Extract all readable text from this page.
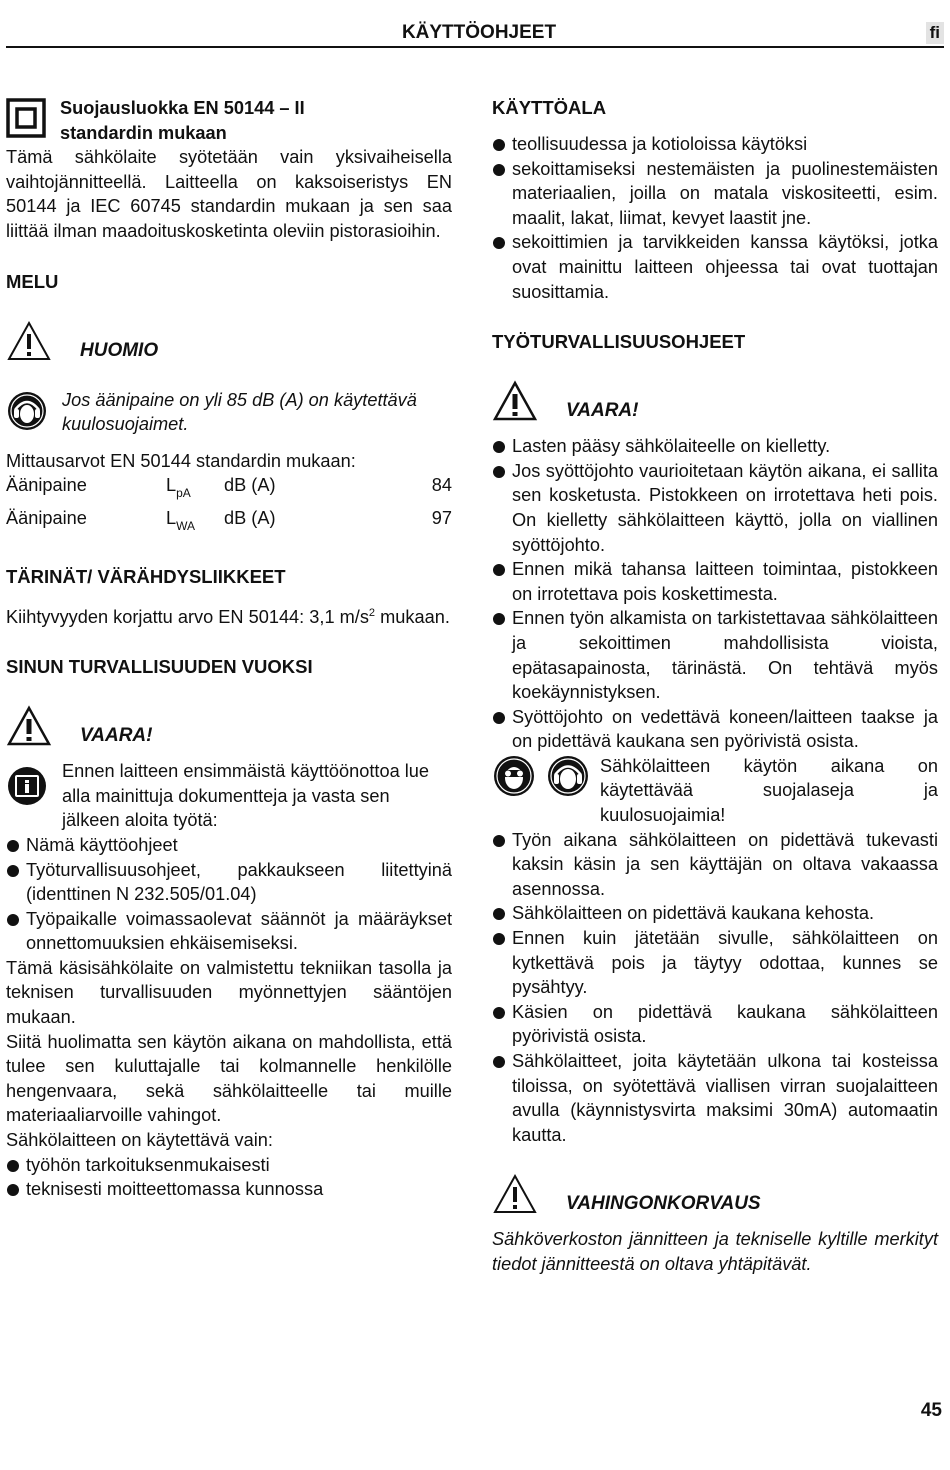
KÄYTTÖOHJEET	fi

Suojausluokka EN 50144 – II

standardin mukaan

Tämä sähkölaite syötetään vain yksivaiheisella vaihtojännitteellä. Laitteella on kaksoiseristys EN 50144 ja IEC 60745 standardin mukaan ja sen saa liittää ilman maadoituskosketinta oleviin pistorasioihin.

MELU
HUOMIO

Jos äänipaine on yli 85 dB (A) on käytettävä kuulosuojaimet.

Mittausarvot EN 50144 standardin mukaan:

Äänipaine	$L_{pA}$	dB (A)	84
Äänipaine	$L_{WA}$	dB (A)	97
TÄRINÄT/ VÄRÄHDYSLIIKKEET

Kiihtyvyyden korjattu arvo EN 50144: 3,1 $m/s^2$ mukaan.

SINUN TURVALLISUUDEN VUOKSI
VAARA!

Ennen laitteen ensimmäistä käyttöönottoa lue alla mainittuja dokumentteja ja vasta sen jälkeen aloita työtä:

Nämä käyttöohjeet

Työturvallisuusohjeet, pakkaukseen liitettyinä (identtinen N 232.505/01.04)

Työpaikalle voimassaolevat säännöt ja määräykset onnettomuuksien ehkäisemiseksi.

Tämä käsisähkölaite on valmistettu tekniikan tasolla ja teknisen turvallisuuden myönnettyjen sääntöjen mukaan.

Siitä huolimatta sen käytön aikana on mahdollista, että tulee sen kuluttajalle tai kolmannelle henkilölle hengenvaara, sekä sähkölaitteelle tai muille materiaaliarvoille vahingot.

Sähkölaitteen on käytettävä vain:

työhön tarkoituksenmukaisesti

teknisesti moitteettomassa kunnossa

KÄYTTÖALA

teollisuudessa ja kotioloissa käytöksi

sekoittamiseksi nestemäisten ja puolinestemäisten materiaalien, joilla on matala viskositeetti, esim. maalit, lakat, liimat, kevyet laastit jne.

sekoittimien ja tarvikkeiden kanssa käytöksi, jotka ovat mainittu laitteen ohjeessa tai ovat tuottajan suosittamia.

TYÖTURVALLISUUSOHJEET
VAARA!

Lasten pääsy sähkölaiteelle on kielletty.

Jos syöttöjohto vaurioitetaan käytön aikana, ei sallita sen kosketusta. Pistokkeen on irrotettava heti pois. On kielletty sähkölaitteen käyttö, jolla on viallinen syöttöjohto.

Ennen mikä tahansa laitteen toimintaa, pistokkeen on irrotettava pois koskettimesta.

Ennen työn alkamista on tarkistettavaa sähkölaitteen ja sekoittimen mahdollisista vioista, epätasapainosta, tärinästä. On tehtävä myös koekäynnistyksen.

Syöttöjohto on vedettävä koneen/laitteen taakse ja on pidettävä kaukana sen pyörivistä osista.

Sähkölaitteen käytön aikana on käytettävää suojalaseja ja kuulosuojaimia!

Työn aikana sähkölaitteen on pidettävä tukevasti kaksin käsin ja sen käyttäjän on oltava vakaassa asennossa.

Sähkölaitteen on pidettävä kaukana kehosta.

Ennen kuin jätetään sivulle, sähkölaitteen on kytkettävä pois ja täytyy odottaa, kunnes se pysähtyy.

Käsien on pidettävä kaukana sähkölaitteen pyörivistä osista.

Sähkölaitteet, joita käytetään ulkona tai kosteissa tiloissa, on syötettävä viallisen virran suojalaitteen avulla (käynnistysvirta maksimi 30mA) automaatin kautta.

VAHINGONKORVAUS

Sähköverkoston jännitteen ja tekniselle kyltille merkityt tiedot jännitteestä on oltava yhtäpitävät.

45
